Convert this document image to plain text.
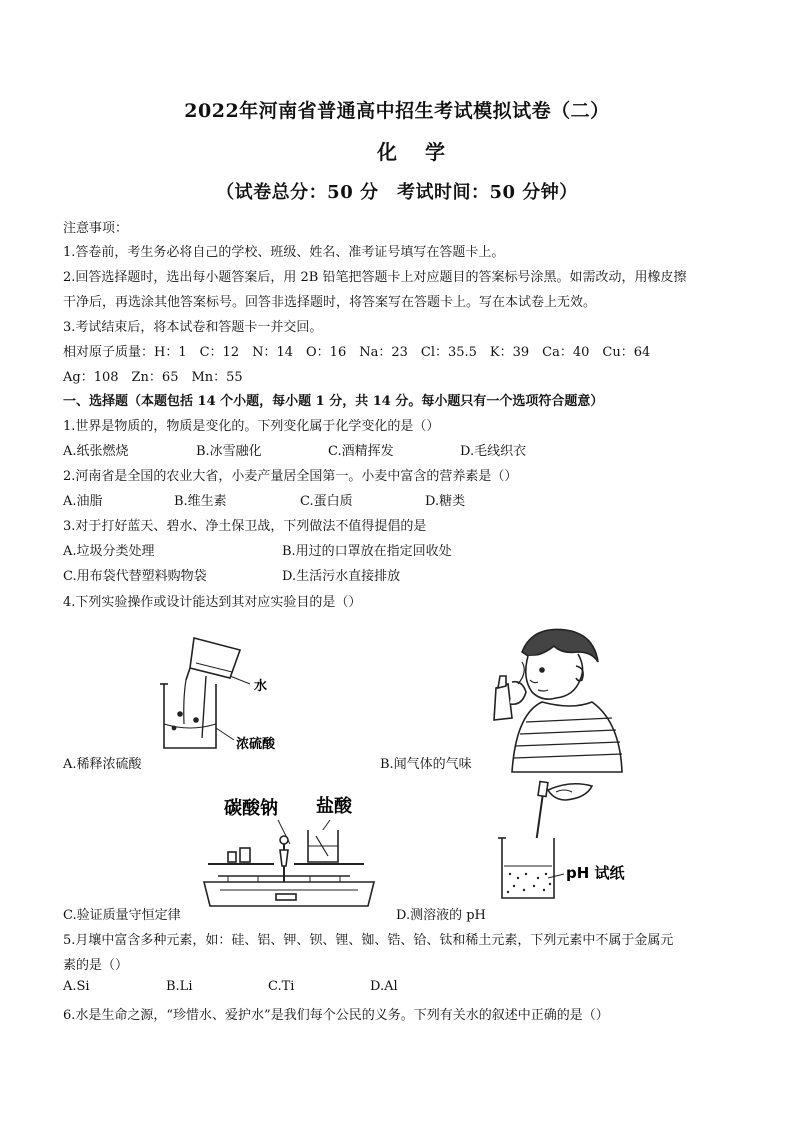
2022年河南省普通高中招生考试模拟试卷（二）
化学
（试卷总分：50 分　考试时间：50 分钟）
注意事项：
1.答卷前，考生务必将自己的学校、班级、姓名、准考证号填写在答题卡上。
2.回答选择题时，选出每小题答案后，用 2B 铅笔把答题卡上对应题目的答案标号涂黑。如需改动，用橡皮擦
干净后，再选涂其他答案标号。回答非选择题时，将答案写在答题卡上。写在本试卷上无效。
3.考试结束后，将本试卷和答题卡一并交回。
相对原子质量：H：1　C：12　N：14　O：16　Na：23　Cl：35.5　K：39　Ca：40　Cu：64
Ag：108　Zn：65　Mn：55
一、选择题（本题包括 14 个小题，每小题 1 分，共 14 分。每小题只有一个选项符合题意）
1.世界是物质的，物质是变化的。下列变化属于化学变化的是（）
A.纸张燃烧	B.冰雪融化	C.酒精挥发	D.毛线织衣
2.河南省是全国的农业大省，小麦产量居全国第一。小麦中富含的营养素是（）
A.油脂	B.维生素	C.蛋白质	D.糖类
3.对于打好蓝天、碧水、净土保卫战，下列做法不值得提倡的是
A.垃圾分类处理	B.用过的口罩放在指定回收处
C.用布袋代替塑料购物袋	D.生活污水直接排放
4.下列实验操作或设计能达到其对应实验目的是（）
水
浓硫酸
A.稀释浓硫酸	B.闻气体的气味
碳酸钠 盐酸
C.验证质量守恒定律
pH 试纸
D.测溶液的 pH
5.月壤中富含多种元素，如：硅、铝、钾、钡、锂、铷、锆、铪、钛和稀土元素，下列元素中不属于金属元
素的是（）
A.Si	B.Li	C.Ti	D.Al
6.水是生命之源，“珍惜水、爱护水”是我们每个公民的义务。下列有关水的叙述中正确的是（）
